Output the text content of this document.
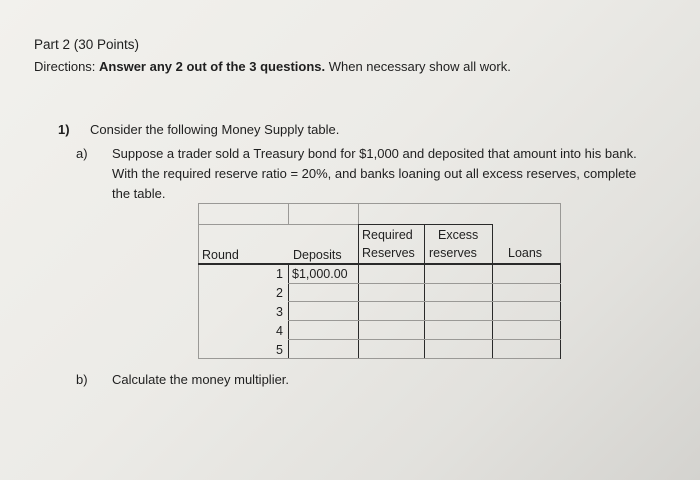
Part 2 (30 Points)
Directions: Answer any 2 out of the 3 questions. When necessary show all work.
1) Consider the following Money Supply table.
a) Suppose a trader sold a Treasury bond for $1,000 and deposited that amount into his bank.
With the required reserve ratio = 20%, and banks loaning out all excess reserves, complete
the table.
Round	Deposits
Required
Reserves
Excess
reserves Loans
1 $1,000.00
2
3
4
5
b) Calculate the money multiplier.
